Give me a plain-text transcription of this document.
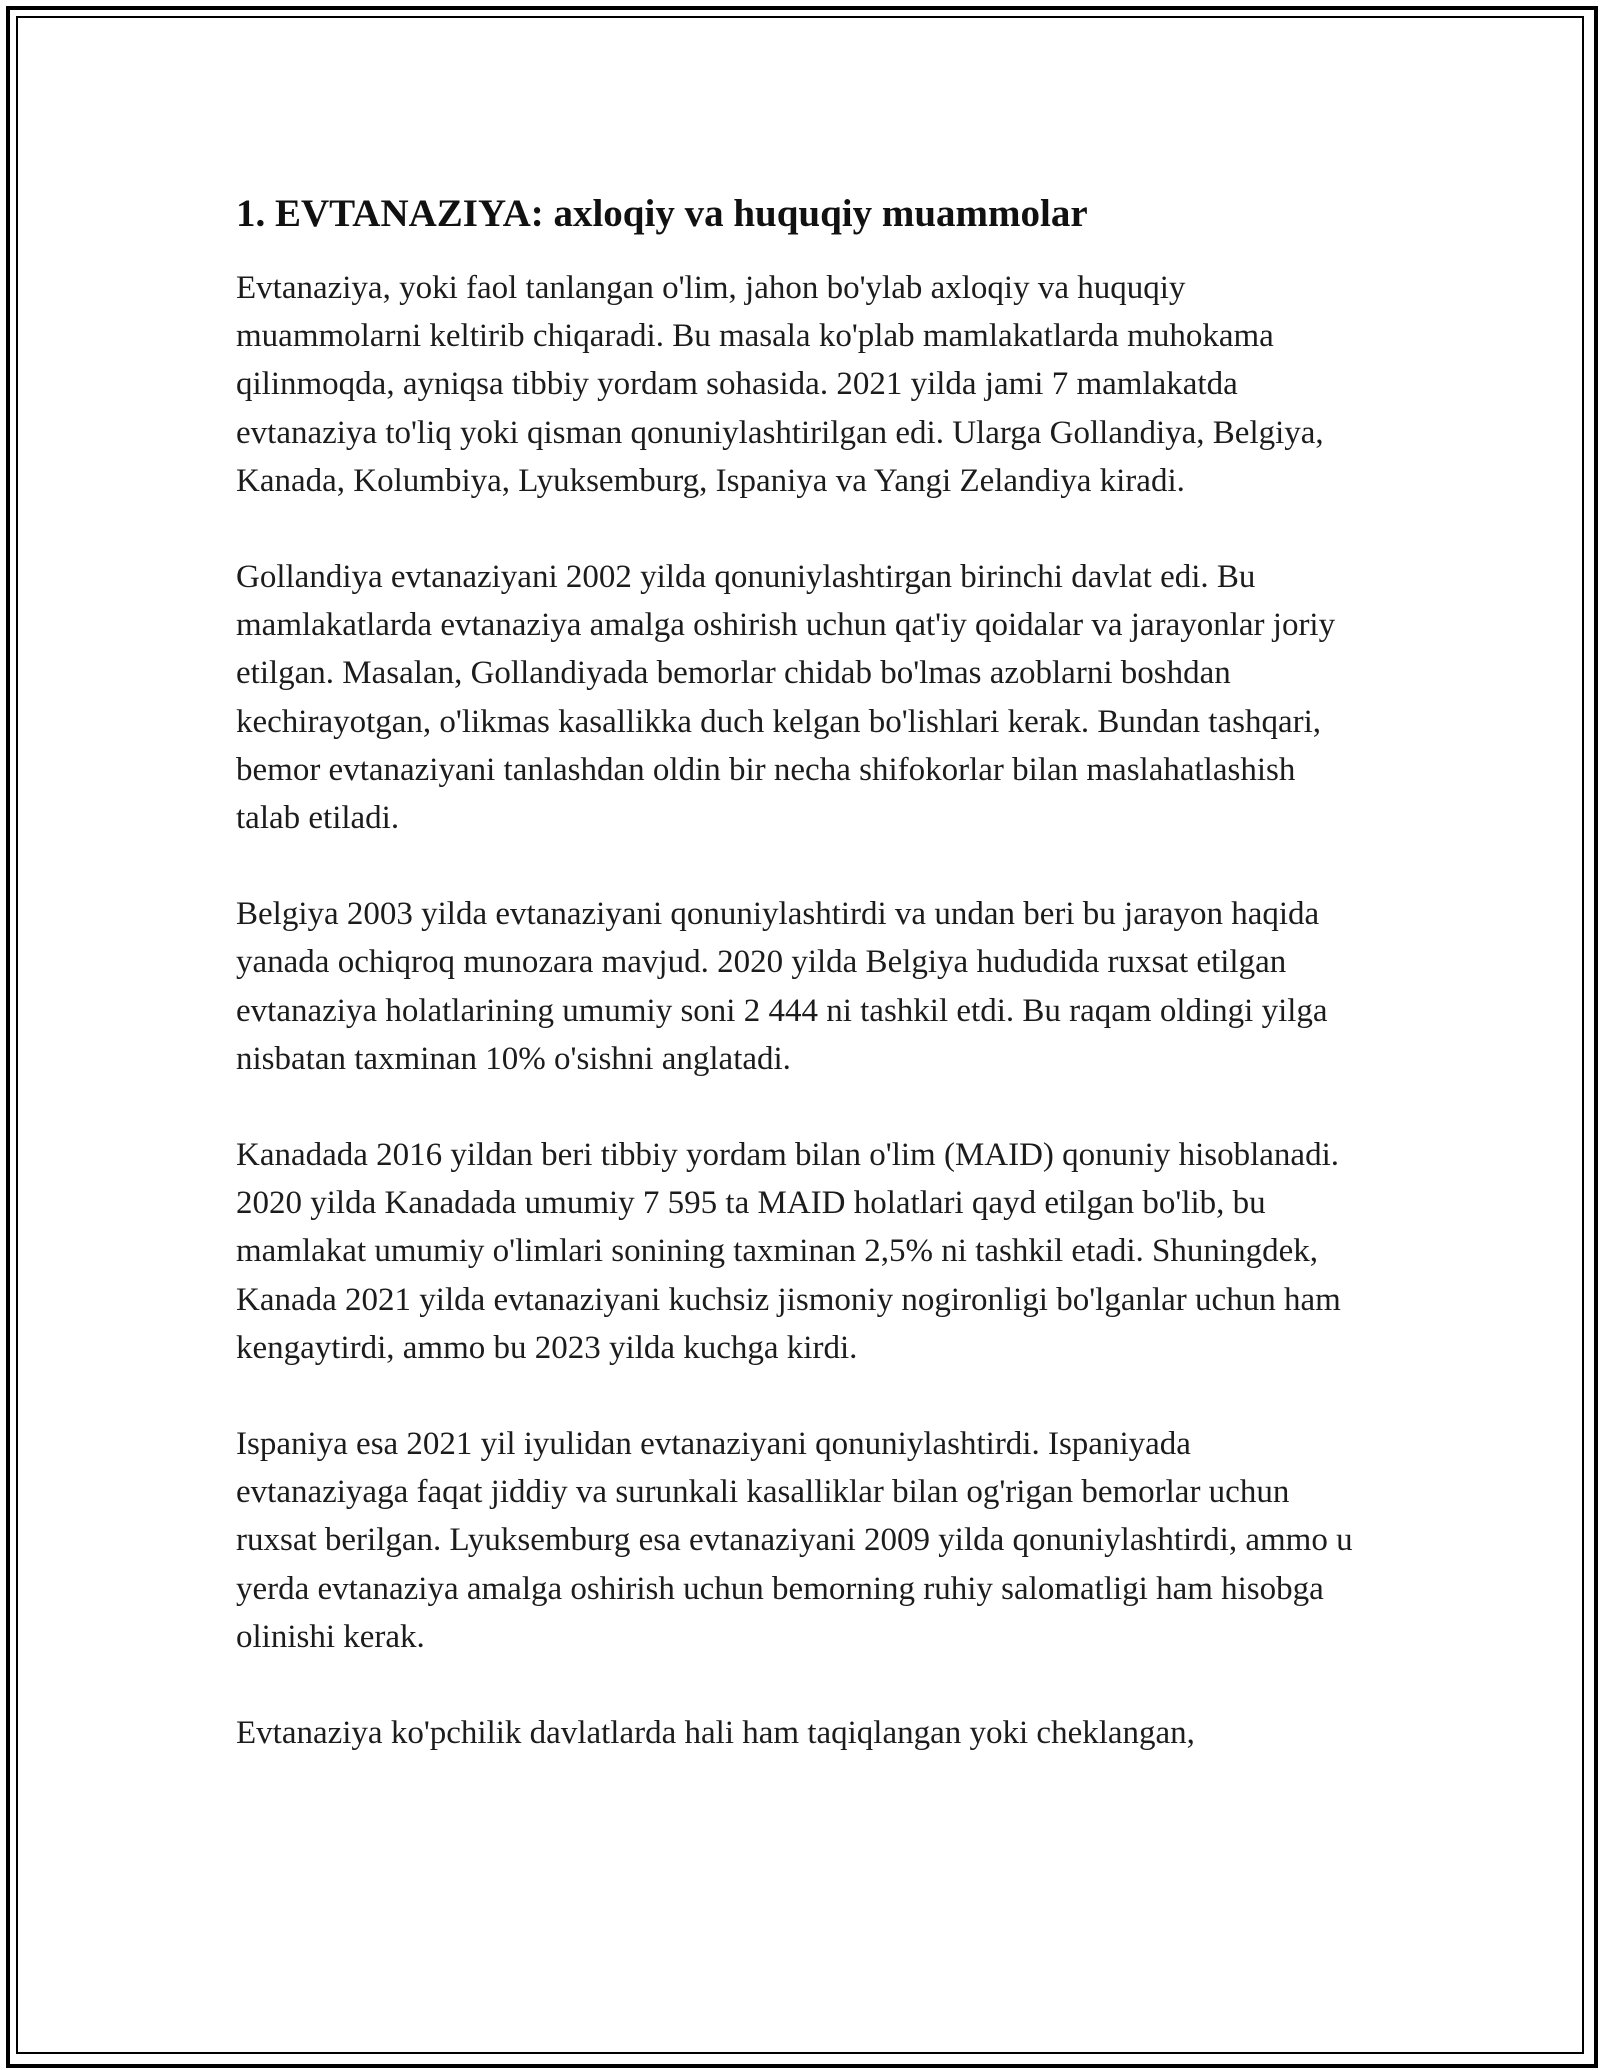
1. EVTANAZIYA: axloqiy va huquqiy muammolar

Evtanaziya, yoki faol tanlangan o'lim, jahon bo'ylab axloqiy va huquqiy muammolarni keltirib chiqaradi. Bu masala ko'plab mamlakatlarda muhokama qilinmoqda, ayniqsa tibbiy yordam sohasida. 2021 yilda jami 7 mamlakatda evtanaziya to'liq yoki qisman qonuniylashtirilgan edi. Ularga Gollandiya, Belgiya, Kanada, Kolumbiya, Lyuksemburg, Ispaniya va Yangi Zelandiya kiradi.

Gollandiya evtanaziyani 2002 yilda qonuniylashtirgan birinchi davlat edi. Bu mamlakatlarda evtanaziya amalga oshirish uchun qat'iy qoidalar va jarayonlar joriy etilgan. Masalan, Gollandiyada bemorlar chidab bo'lmas azoblarni boshdan kechirayotgan, o'likmas kasallikka duch kelgan bo'lishlari kerak. Bundan tashqari, bemor evtanaziyani tanlashdan oldin bir necha shifokorlar bilan maslahatlashish talab etiladi.

Belgiya 2003 yilda evtanaziyani qonuniylashtirdi va undan beri bu jarayon haqida yanada ochiqroq munozara mavjud. 2020 yilda Belgiya hududida ruxsat etilgan evtanaziya holatlarining umumiy soni 2 444 ni tashkil etdi. Bu raqam oldingi yilga nisbatan taxminan 10% o'sishni anglatadi.

Kanadada 2016 yildan beri tibbiy yordam bilan o'lim (MAID) qonuniy hisoblanadi. 2020 yilda Kanadada umumiy 7 595 ta MAID holatlari qayd etilgan bo'lib, bu mamlakat umumiy o'limlari sonining taxminan 2,5% ni tashkil etadi. Shuningdek, Kanada 2021 yilda evtanaziyani kuchsiz jismoniy nogironligi bo'lganlar uchun ham kengaytirdi, ammo bu 2023 yilda kuchga kirdi.

Ispaniya esa 2021 yil iyulidan evtanaziyani qonuniylashtirdi. Ispaniyada evtanaziyaga faqat jiddiy va surunkali kasalliklar bilan og'rigan bemorlar uchun ruxsat berilgan. Lyuksemburg esa evtanaziyani 2009 yilda qonuniylashtirdi, ammo u yerda evtanaziya amalga oshirish uchun bemorning ruhiy salomatligi ham hisobga olinishi kerak.

Evtanaziya ko'pchilik davlatlarda hali ham taqiqlangan yoki cheklangan,
